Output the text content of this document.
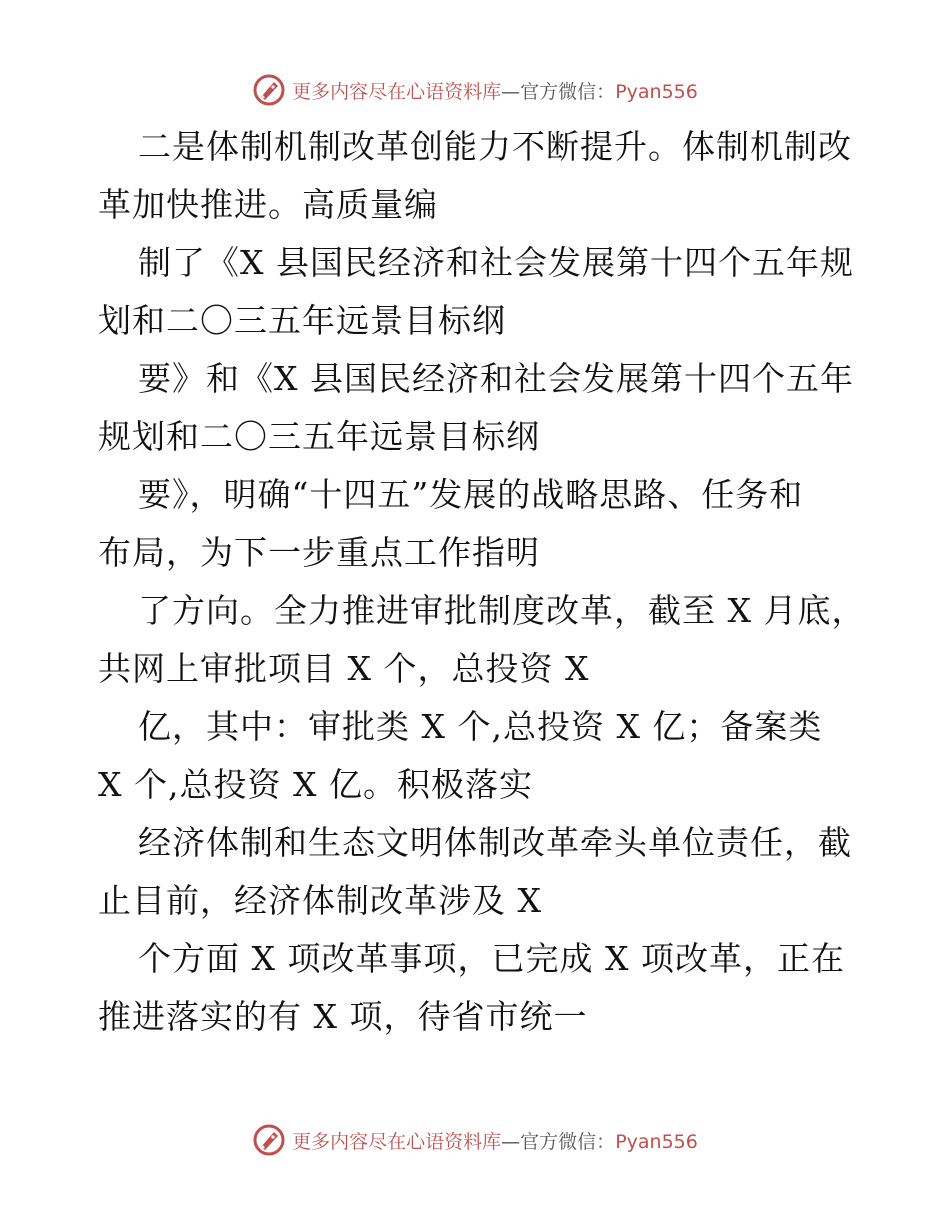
更多内容尽在心语资料库—官方微信：Pyan556
二是体制机制改革创能力不断提升。体制机制改
革加快推进。高质量编
制了《X 县国民经济和社会发展第十四个五年规
划和二〇三五年远景目标纲
要》和《X 县国民经济和社会发展第十四个五年
规划和二〇三五年远景目标纲
要》，明确“十四五”发展的战略思路、任务和
布局，为下一步重点工作指明
了方向。全力推进审批制度改革，截至 X 月底，
共网上审批项目 X 个，总投资 X
亿，其中：审批类 X 个,总投资 X 亿；备案类
X 个,总投资 X 亿。积极落实
经济体制和生态文明体制改革牵头单位责任，截
止目前，经济体制改革涉及 X
个方面 X 项改革事项，已完成 X 项改革，正在
推进落实的有 X 项，待省市统一
更多内容尽在心语资料库—官方微信：Pyan556
